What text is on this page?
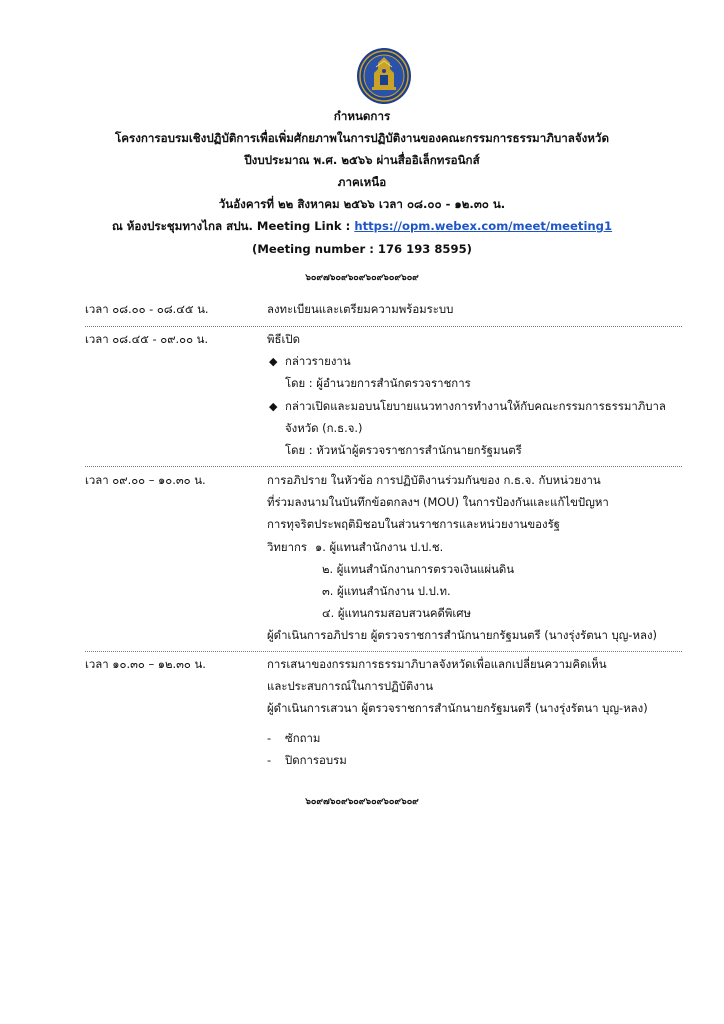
กำหนดการ
โครงการอบรมเชิงปฏิบัติการเพื่อเพิ่มศักยภาพในการปฏิบัติงานของคณะกรรมการธรรมาภิบาลจังหวัด
ปีงบประมาณ พ.ศ. ๒๕๖๖ ผ่านสื่ออิเล็กทรอนิกส์
ภาคเหนือ
วันอังคารที่ ๒๒ สิงหาคม ๒๕๖๖ เวลา ๐๘.๐๐ - ๑๒.๓๐ น.
ณ ห้องประชุมทางไกล สปน. Meeting Link : https://opm.webex.com/meet/meeting1
(Meeting number : 176 193 8595)
๖๐๙๗๖๐๙๖๐๙๖๐๙๖๐๙๖๐๙
เวลา ๐๘.๐๐ - ๐๘.๔๕ น.	ลงทะเบียนและเตรียมความพร้อมระบบ
เวลา ๐๘.๔๕ - ๐๙.๐๐ น.	พิธีเปิด
◆ กล่าวรายงาน
โดย : ผู้อำนวยการสำนักตรวจราชการ
◆ กล่าวเปิดและมอบนโยบายแนวทางการทำงานให้กับคณะกรรมการธรรมาภิบาล
จังหวัด (ก.ธ.จ.)
โดย : หัวหน้าผู้ตรวจราชการสำนักนายกรัฐมนตรี
เวลา ๐๙.๐๐ – ๑๐.๓๐ น.	การอภิปราย ในหัวข้อ การปฏิบัติงานร่วมกันของ ก.ธ.จ. กับหน่วยงาน
ที่ร่วมลงนามในบันทึกข้อตกลงฯ (MOU) ในการป้องกันและแก้ไขปัญหา
การทุจริตประพฤติมิชอบในส่วนราชการและหน่วยงานของรัฐ
วิทยากร ๑. ผู้แทนสำนักงาน ป.ป.ช.
๒. ผู้แทนสำนักงานการตรวจเงินแผ่นดิน
๓. ผู้แทนสำนักงาน ป.ป.ท.
๔. ผู้แทนกรมสอบสวนคดีพิเศษ
ผู้ดำเนินการอภิปราย ผู้ตรวจราชการสำนักนายกรัฐมนตรี (นางรุ่งรัตนา บุญ-หลง)
เวลา ๑๐.๓๐ – ๑๒.๓๐ น.	การเสนาของกรรมการธรรมาภิบาลจังหวัดเพื่อแลกเปลี่ยนความคิดเห็น
และประสบการณ์ในการปฏิบัติงาน
ผู้ดำเนินการเสวนา ผู้ตรวจราชการสำนักนายกรัฐมนตรี (นางรุ่งรัตนา บุญ-หลง)
- ซักถาม
- ปิดการอบรม
๖๐๙๗๖๐๙๖๐๙๖๐๙๖๐๙๖๐๙
